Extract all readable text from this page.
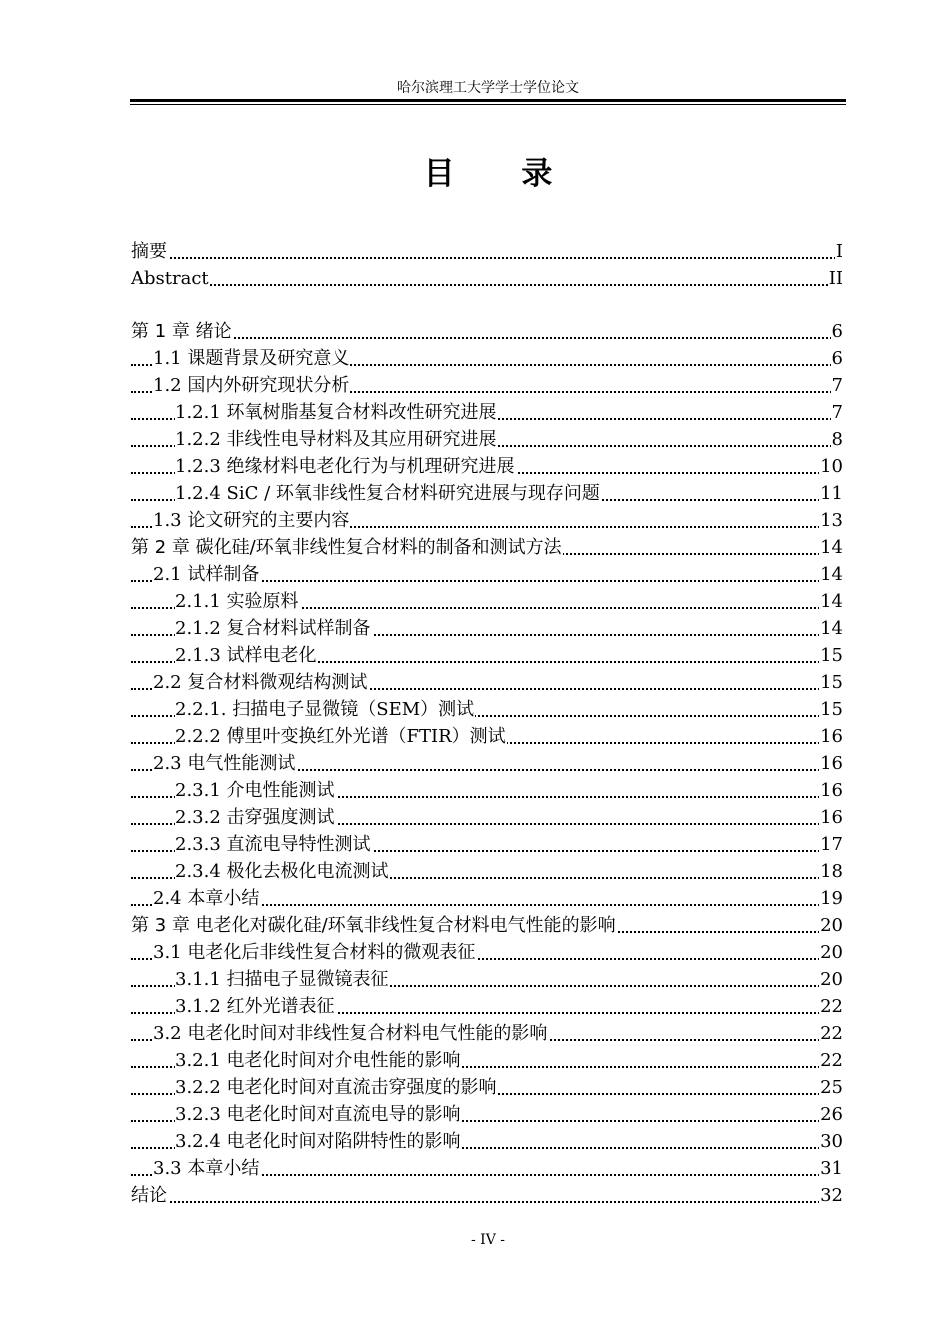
哈尔滨理工大学学士学位论文
目 录
摘要	I
Abstract	II
第 1 章 绪论	6
1.1 课题背景及研究意义	6
1.2 国内外研究现状分析	7
1.2.1 环氧树脂基复合材料改性研究进展	7
1.2.2 非线性电导材料及其应用研究进展	8
1.2.3 绝缘材料电老化行为与机理研究进展	10
1.2.4 SiC / 环氧非线性复合材料研究进展与现存问题	11
1.3 论文研究的主要内容	13
第 2 章 碳化硅/环氧非线性复合材料的制备和测试方法	14
2.1 试样制备	14
2.1.1 实验原料	14
2.1.2 复合材料试样制备	14
2.1.3 试样电老化	15
2.2 复合材料微观结构测试	15
2.2.1. 扫描电子显微镜（SEM）测试	15
2.2.2 傅里叶变换红外光谱（FTIR）测试	16
2.3 电气性能测试	16
2.3.1 介电性能测试	16
2.3.2 击穿强度测试	16
2.3.3 直流电导特性测试	17
2.3.4 极化去极化电流测试	18
2.4 本章小结	19
第 3 章 电老化对碳化硅/环氧非线性复合材料电气性能的影响	20
3.1 电老化后非线性复合材料的微观表征	20
3.1.1 扫描电子显微镜表征	20
3.1.2 红外光谱表征	22
3.2 电老化时间对非线性复合材料电气性能的影响	22
3.2.1 电老化时间对介电性能的影响	22
3.2.2 电老化时间对直流击穿强度的影响	25
3.2.3 电老化时间对直流电导的影响	26
3.2.4 电老化时间对陷阱特性的影响	30
3.3 本章小结	31
结论	32
- IV -
